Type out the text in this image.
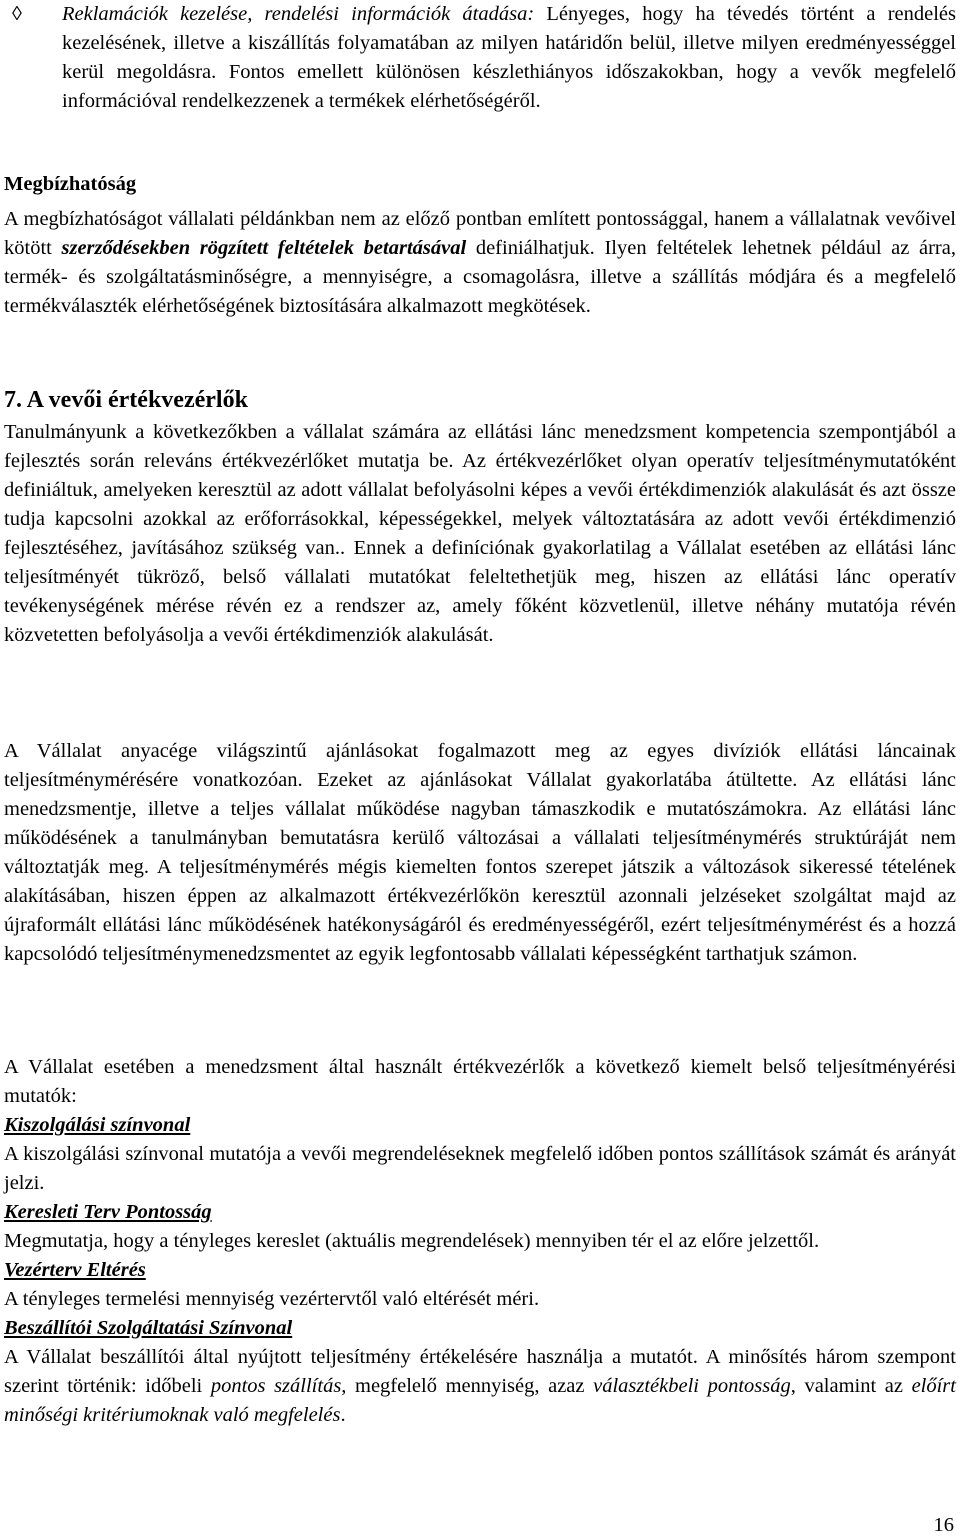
◊ Reklamációk kezelése, rendelési információk átadása: Lényeges, hogy ha tévedés történt a rendelés kezelésének, illetve a kiszállítás folyamatában az milyen határidőn belül, illetve milyen eredményességgel kerül megoldásra. Fontos emellett különösen készlethiányos időszakokban, hogy a vevők megfelelő információval rendelkezzenek a termékek elérhetőségéről.
Megbízhatóság
A megbízhatóságot vállalati példánkban nem az előző pontban említett pontossággal, hanem a vállalatnak vevőivel kötött szerződésekben rögzített feltételek betartásával definiálhatjuk. Ilyen feltételek lehetnek például az árra, termék- és szolgáltatásminőségre, a mennyiségre, a csomagolásra, illetve a szállítás módjára és a megfelelő termékválaszték elérhetőségének biztosítására alkalmazott megkötések.
7. A vevői értékvezérlők
Tanulmányunk a következőkben a vállalat számára az ellátási lánc menedzsment kompetencia szempontjából a fejlesztés során releváns értékvezérlőket mutatja be. Az értékvezérlőket olyan operatív teljesítménymutatóként definiáltuk, amelyeken keresztül az adott vállalat befolyásolni képes a vevői értékdimenziók alakulását és azt össze tudja kapcsolni azokkal az erőforrásokkal, képességekkel, melyek változtatására az adott vevői értékdimenzió fejlesztéséhez, javításához szükség van.. Ennek a definíciónak gyakorlatilag a Vállalat esetében az ellátási lánc teljesítményét tükröző, belső vállalati mutatókat feleltethetjük meg, hiszen az ellátási lánc operatív tevékenységének mérése révén ez a rendszer az, amely főként közvetlenül, illetve néhány mutatója révén közvetetten befolyásolja a vevői értékdimenziók alakulását.
A Vállalat anyacége világszintű ajánlásokat fogalmazott meg az egyes divíziók ellátási láncainak teljesítménymérésére vonatkozóan. Ezeket az ajánlásokat Vállalat gyakorlatába átültette. Az ellátási lánc menedzsmentje, illetve a teljes vállalat működése nagyban támaszkodik e mutatószámokra. Az ellátási lánc működésének a tanulmányban bemutatásra kerülő változásai a vállalati teljesítménymérés struktúráját nem változtatják meg. A teljesítménymérés mégis kiemelten fontos szerepet játszik a változások sikeressé tételének alakításában, hiszen éppen az alkalmazott értékvezérlőkön keresztül azonnali jelzéseket szolgáltat majd az újraformált ellátási lánc működésének hatékonyságáról és eredményességéről, ezért teljesítménymérést és a hozzá kapcsolódó teljesítménymenedzsmentet az egyik legfontosabb vállalati képességként tarthatjuk számon.
A Vállalat esetében a menedzsment által használt értékvezérlők a következő kiemelt belső teljesítményérési mutatók:
Kiszolgálási színvonal
A kiszolgálási színvonal mutatója a vevői megrendeléseknek megfelelő időben pontos szállítások számát és arányát jelzi.
Keresleti Terv Pontosság
Megmutatja, hogy a tényleges kereslet (aktuális megrendelések) mennyiben tér el az előre jelzettől.
Vezérterv Eltérés
A tényleges termelési mennyiség vezértervtől való eltérését méri.
Beszállítói Szolgáltatási Színvonal
A Vállalat beszállítói által nyújtott teljesítmény értékelésére használja a mutatót. A minősítés három szempont szerint történik: időbeli pontos szállítás, megfelelő mennyiség, azaz választékbeli pontosság, valamint az előírt minőségi kritériumoknak való megfelelés.
16
